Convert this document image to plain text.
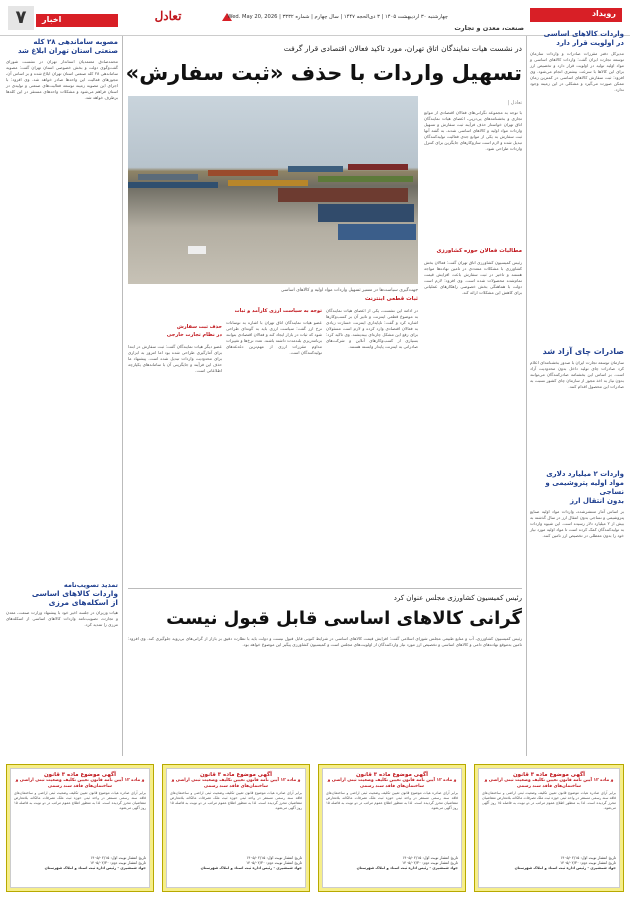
۷	اخبار	تعادل	چهارشنبه ۳۰ اردیبهشت ۱۴۰۵ | ۳ ذی‌الحجه ۱۴۴۷ | سال چهارم | شماره ۳۳۳۲ | Wed. May 20, 2026
صنعت، معدن و تجارت
رویداد
مصوبه ساماندهی ۲۸ کله
صنعتی استان تهران ابلاغ شد
محمدصادق معتمدیان استاندار تهران در نشست شورای گفت‌وگوی دولت و بخش خصوصی استان تهران گفت: مصوبه ساماندهی ۲۸ کله صنعتی استان تهران ابلاغ شده و بر اساس آن، مجوزهای فعالیت این واحدها صادر خواهد شد. وی افزود: با اجرای این مصوبه زمینه توسعه فعالیت‌های صنعتی و تولیدی در استان فراهم می‌شود و مشکلات واحدهای مستقر در این کله‌ها برطرف خواهد شد.
تمدید تصویب‌نامه
واردات کالاهای اساسی
از اسکله‌های مرزی
هیات وزیران در جلسه اخیر خود با پیشنهاد وزارت صنعت، معدن و تجارت، تصویب‌نامه واردات کالاهای اساسی از اسکله‌های مرزی را تمدید کرد.
در نشست هیات نمایندگان اتاق تهران، مورد تاکید فعالان اقتصادی قرار گرفت
تسهیل واردات با حذف «ثبت سفارش»
جهت‌گیری سیاست‌ها در مسیر تسهیل واردات مواد اولیه و کالاهای اساسی
تعادل |
با توجه به مجموعه نگرانی‌های فعالان اقتصادی از موانع تجاری و بخشنامه‌های پی‌درپی، اعضای هیات نمایندگان اتاق تهران خواستار حذف فرآیند ثبت سفارش و تسهیل واردات مواد اولیه و کالاهای اساسی شدند. به گفته آنها ثبت سفارش به یکی از موانع جدی فعالیت تولیدکنندگان تبدیل شده و لازم است سازوکارهای جایگزین برای کنترل واردات طراحی شود.
مطالبات فعالان حوزه کشاورزی
رئیس کمیسیون کشاورزی اتاق تهران گفت: فعالان بخش کشاورزی با مشکلات متعددی در تامین نهاده‌ها مواجه هستند و تاخیر در ثبت سفارش باعث افزایش قیمت تمام‌شده محصولات شده است. وی افزود: لازم است دولت با هماهنگی بخش خصوصی راهکارهای عملیاتی برای کاهش این مشکلات ارائه کند.
ثبات قطعی ابنترنت
در ادامه این نشست، یکی از اعضای هیات نمایندگان به موضوع قطعی اینترنت و تاثیر آن بر کسب‌وکارها اشاره کرد و گفت: ناپایداری اینترنت خسارت زیادی به فعالان اقتصادی وارد کرده و لازم است مسئولان برای رفع این مشکل چاره‌ای بیندیشند. وی تاکید کرد: بسیاری از کسب‌وکارهای آنلاین و شرکت‌های صادراتی به اینترنت پایدار وابسته هستند.
توجه به سیاست ارزی کارآمد و ثبات
عضو هیات نمایندگان اتاق تهران با اشاره به نوسانات نرخ ارز گفت: سیاست ارزی باید به گونه‌ای طراحی شود که ثبات در بازار ایجاد کند و فعالان اقتصادی بتوانند برنامه‌ریزی بلندمدت داشته باشند. تعدد نرخ‌ها و تغییرات مداوم مقررات ارزی از مهم‌ترین دغدغه‌های تولیدکنندگان است.
حذف ثبت سفارش
در نظام تجارت خارجی
عضو دیگر هیات نمایندگان گفت: ثبت سفارش در ابتدا برای آمارگیری طراحی شده بود اما امروز به ابزاری برای محدودیت واردات تبدیل شده است. پیشنهاد ما حذف این فرآیند و جایگزینی آن با سامانه‌های یکپارچه اطلاعاتی است.
رئیس کمیسیون کشاورزی مجلس عنوان کرد
گرانی کالاهای اساسی قابل قبول نیست
رئیس کمیسیون کشاورزی، آب و منابع طبیعی مجلس شورای اسلامی گفت: افزایش قیمت کالاهای اساسی در شرایط کنونی قابل قبول نیست و دولت باید با نظارت دقیق بر بازار از گرانی‌های بی‌رویه جلوگیری کند. وی افزود: تامین به‌موقع نهاده‌های دامی و کالاهای اساسی و تخصیص ارز مورد نیاز واردکنندگان از اولویت‌های مجلس است و کمیسیون کشاورزی پیگیر این موضوع خواهد بود.
واردات کالاهای اساسی
در اولویت قرار دارد
مدیرکل دفتر مقررات صادرات و واردات سازمان توسعه تجارت ایران گفت: واردات کالاهای اساسی و مواد اولیه تولید در اولویت قرار دارد و تخصیص ارز برای این کالاها با سرعت بیشتری انجام می‌شود. وی افزود: ثبت سفارش کالاهای اساسی در کمترین زمان ممکن صورت می‌گیرد و مشکلی در این زمینه وجود ندارد.
صادرات چای آزاد شد
سازمان توسعه تجارت ایران با صدور بخشنامه‌ای اعلام کرد صادرات چای تولید داخل بدون محدودیت آزاد است. بر اساس این بخشنامه صادرکنندگان می‌توانند بدون نیاز به اخذ مجوز از سازمان چای کشور نسبت به صادرات این محصول اقدام کنند.
واردات ۲ میلیارد دلاری
مواد اولیه پتروشیمی و نساجی
بدون انتقال ارز
بر اساس آمار منتشرشده، واردات مواد اولیه صنایع پتروشیمی و نساجی بدون انتقال ارز در سال گذشته به بیش از ۲ میلیارد دلار رسیده است. این شیوه واردات به تولیدکنندگان کمک کرده است تا مواد اولیه مورد نیاز خود را بدون معطلی در تخصیص ارز تامین کنند.
آگهی موضوع ماده ۳ قانون
و ماده ۱۳ آیین نامه قانون تعیین تکلیف وضعیت ثبتی اراضی و ساختمان‌های فاقد سند رسمی
برابر آرای صادره هیات موضوع قانون تعیین تکلیف وضعیت ثبتی اراضی و ساختمان‌های فاقد سند رسمی مستقر در واحد ثبتی حوزه ثبت ملک تصرفات مالکانه بلامعارض متقاضیان محرز گردیده است. لذا به منظور اطلاع عموم مراتب در دو نوبت به فاصله ۱۵ روز آگهی می‌شود.
تاریخ انتشار نوبت اول: ۱۴۰۵/۰۲/۱۵
تاریخ انتشار نوبت دوم: ۱۴۰۵/۰۲/۳۰
جواد شمشیری - رئیس اداره ثبت اسناد و املاک شهرستان
آگهی موضوع ماده ۳ قانون
و ماده ۱۳ آیین نامه قانون تعیین تکلیف وضعیت ثبتی اراضی و ساختمان‌های فاقد سند رسمی
برابر آرای صادره هیات موضوع قانون تعیین تکلیف وضعیت ثبتی اراضی و ساختمان‌های فاقد سند رسمی مستقر در واحد ثبتی حوزه ثبت ملک تصرفات مالکانه بلامعارض متقاضیان محرز گردیده است. لذا به منظور اطلاع عموم مراتب در دو نوبت به فاصله ۱۵ روز آگهی می‌شود.
تاریخ انتشار نوبت اول: ۱۴۰۵/۰۲/۱۵
تاریخ انتشار نوبت دوم: ۱۴۰۵/۰۲/۳۰
جواد شمشیری - رئیس اداره ثبت اسناد و املاک شهرستان
آگهی موضوع ماده ۳ قانون
و ماده ۱۳ آیین نامه قانون تعیین تکلیف وضعیت ثبتی اراضی و ساختمان‌های فاقد سند رسمی
برابر آرای صادره هیات موضوع قانون تعیین تکلیف وضعیت ثبتی اراضی و ساختمان‌های فاقد سند رسمی مستقر در واحد ثبتی حوزه ثبت ملک تصرفات مالکانه بلامعارض متقاضیان محرز گردیده است. لذا به منظور اطلاع عموم مراتب در دو نوبت به فاصله ۱۵ روز آگهی می‌شود.
تاریخ انتشار نوبت اول: ۱۴۰۵/۰۲/۱۵
تاریخ انتشار نوبت دوم: ۱۴۰۵/۰۲/۳۰
جواد شمشیری - رئیس اداره ثبت اسناد و املاک شهرستان
آگهی موضوع ماده ۳ قانون
و ماده ۱۳ آیین نامه قانون تعیین تکلیف وضعیت ثبتی اراضی و ساختمان‌های فاقد سند رسمی
برابر آرای صادره هیات موضوع قانون تعیین تکلیف وضعیت ثبتی اراضی و ساختمان‌های فاقد سند رسمی مستقر در واحد ثبتی حوزه ثبت ملک تصرفات مالکانه بلامعارض متقاضیان محرز گردیده است. لذا به منظور اطلاع عموم مراتب در دو نوبت به فاصله ۱۵ روز آگهی می‌شود.
تاریخ انتشار نوبت اول: ۱۴۰۵/۰۲/۱۵
تاریخ انتشار نوبت دوم: ۱۴۰۵/۰۲/۳۰
جواد شمشیری - رئیس اداره ثبت اسناد و املاک شهرستان
